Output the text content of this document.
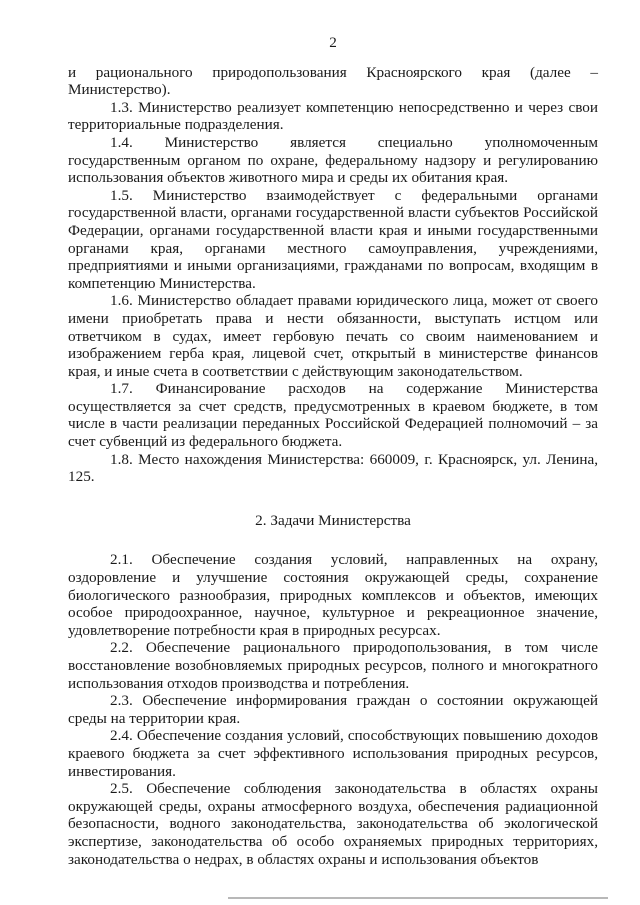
2

и рационального природопользования Красноярского края (далее – Министерство).

1.3. Министерство реализует компетенцию непосредственно и через свои территориальные подразделения.

1.4. Министерство является специально уполномоченным государственным органом по охране, федеральному надзору и регулированию использования объектов животного мира и среды их обитания края.

1.5. Министерство взаимодействует с федеральными органами государственной власти, органами государственной власти субъектов Российской Федерации, органами государственной власти края и иными государственными органами края, органами местного самоуправления, учреждениями, предприятиями и иными организациями, гражданами по вопросам, входящим в компетенцию Министерства.

1.6. Министерство обладает правами юридического лица, может от своего имени приобретать права и нести обязанности, выступать истцом или ответчиком в судах, имеет гербовую печать со своим наименованием и изображением герба края, лицевой счет, открытый в министерстве финансов края, и иные счета в соответствии с действующим законодательством.

1.7. Финансирование расходов на содержание Министерства осуществляется за счет средств, предусмотренных в краевом бюджете, в том числе в части реализации переданных Российской Федерацией полномочий – за счет субвенций из федерального бюджета.

1.8. Место нахождения Министерства: 660009, г. Красноярск, ул. Ленина, 125.

2. Задачи Министерства

2.1. Обеспечение создания условий, направленных на охрану, оздоровление и улучшение состояния окружающей среды, сохранение биологического разнообразия, природных комплексов и объектов, имеющих особое природоохранное, научное, культурное и рекреационное значение, удовлетворение потребности края в природных ресурсах.

2.2. Обеспечение рационального природопользования, в том числе восстановление возобновляемых природных ресурсов, полного и многократного использования отходов производства и потребления.

2.3. Обеспечение информирования граждан о состоянии окружающей среды на территории края.

2.4. Обеспечение создания условий, способствующих повышению доходов краевого бюджета за счет эффективного использования природных ресурсов, инвестирования.

2.5. Обеспечение соблюдения законодательства в областях охраны окружающей среды, охраны атмосферного воздуха, обеспечения радиационной безопасности, водного законодательства, законодательства об экологической экспертизе, законодательства об особо охраняемых природных территориях, законодательства о недрах, в областях охраны и использования объектов
